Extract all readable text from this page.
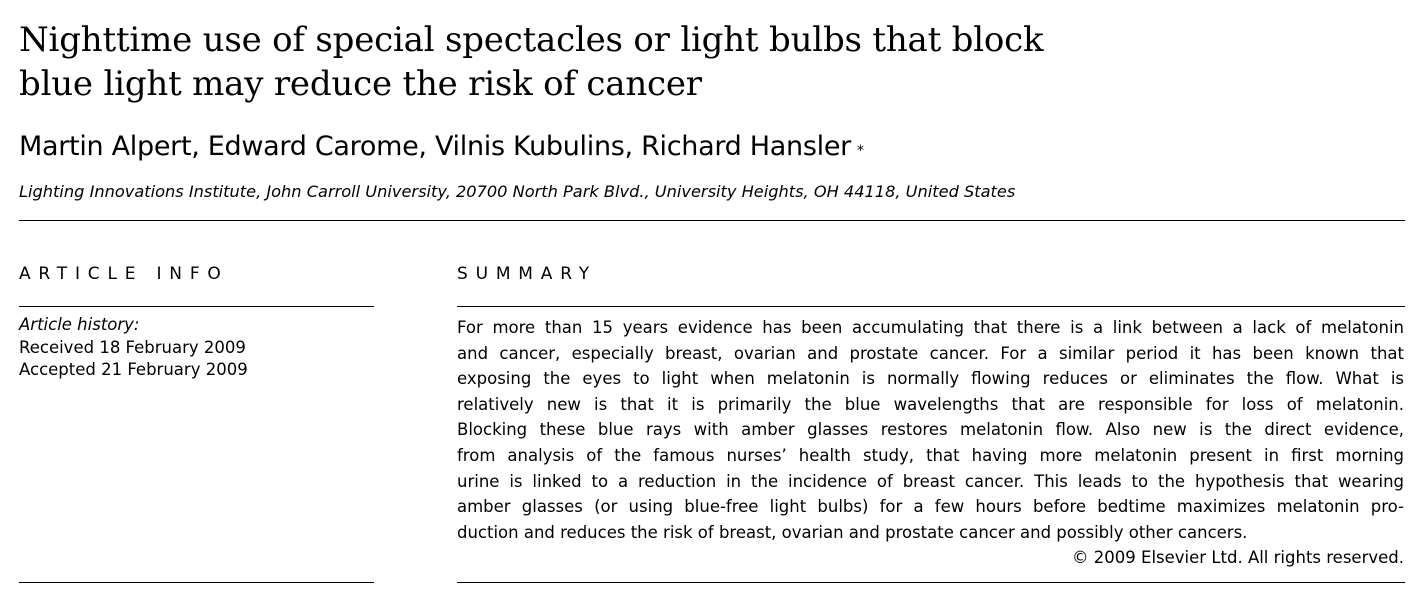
Nighttime use of special spectacles or light bulbs that block
blue light may reduce the risk of cancer
Martin Alpert, Edward Carome, Vilnis Kubulins, Richard Hansler *
Lighting Innovations Institute, John Carroll University, 20700 North Park Blvd., University Heights, OH 44118, United States
ARTICLE INFO	SUMMARY
Article history:
Received 18 February 2009
Accepted 21 February 2009
For more than 15 years evidence has been accumulating that there is a link between a lack of melatonin
and cancer, especially breast, ovarian and prostate cancer. For a similar period it has been known that
exposing the eyes to light when melatonin is normally flowing reduces or eliminates the flow. What is
relatively new is that it is primarily the blue wavelengths that are responsible for loss of melatonin.
Blocking these blue rays with amber glasses restores melatonin flow. Also new is the direct evidence,
from analysis of the famous nurses’ health study, that having more melatonin present in first morning
urine is linked to a reduction in the incidence of breast cancer. This leads to the hypothesis that wearing
amber glasses (or using blue-free light bulbs) for a few hours before bedtime maximizes melatonin pro-
duction and reduces the risk of breast, ovarian and prostate cancer and possibly other cancers.
© 2009 Elsevier Ltd. All rights reserved.
